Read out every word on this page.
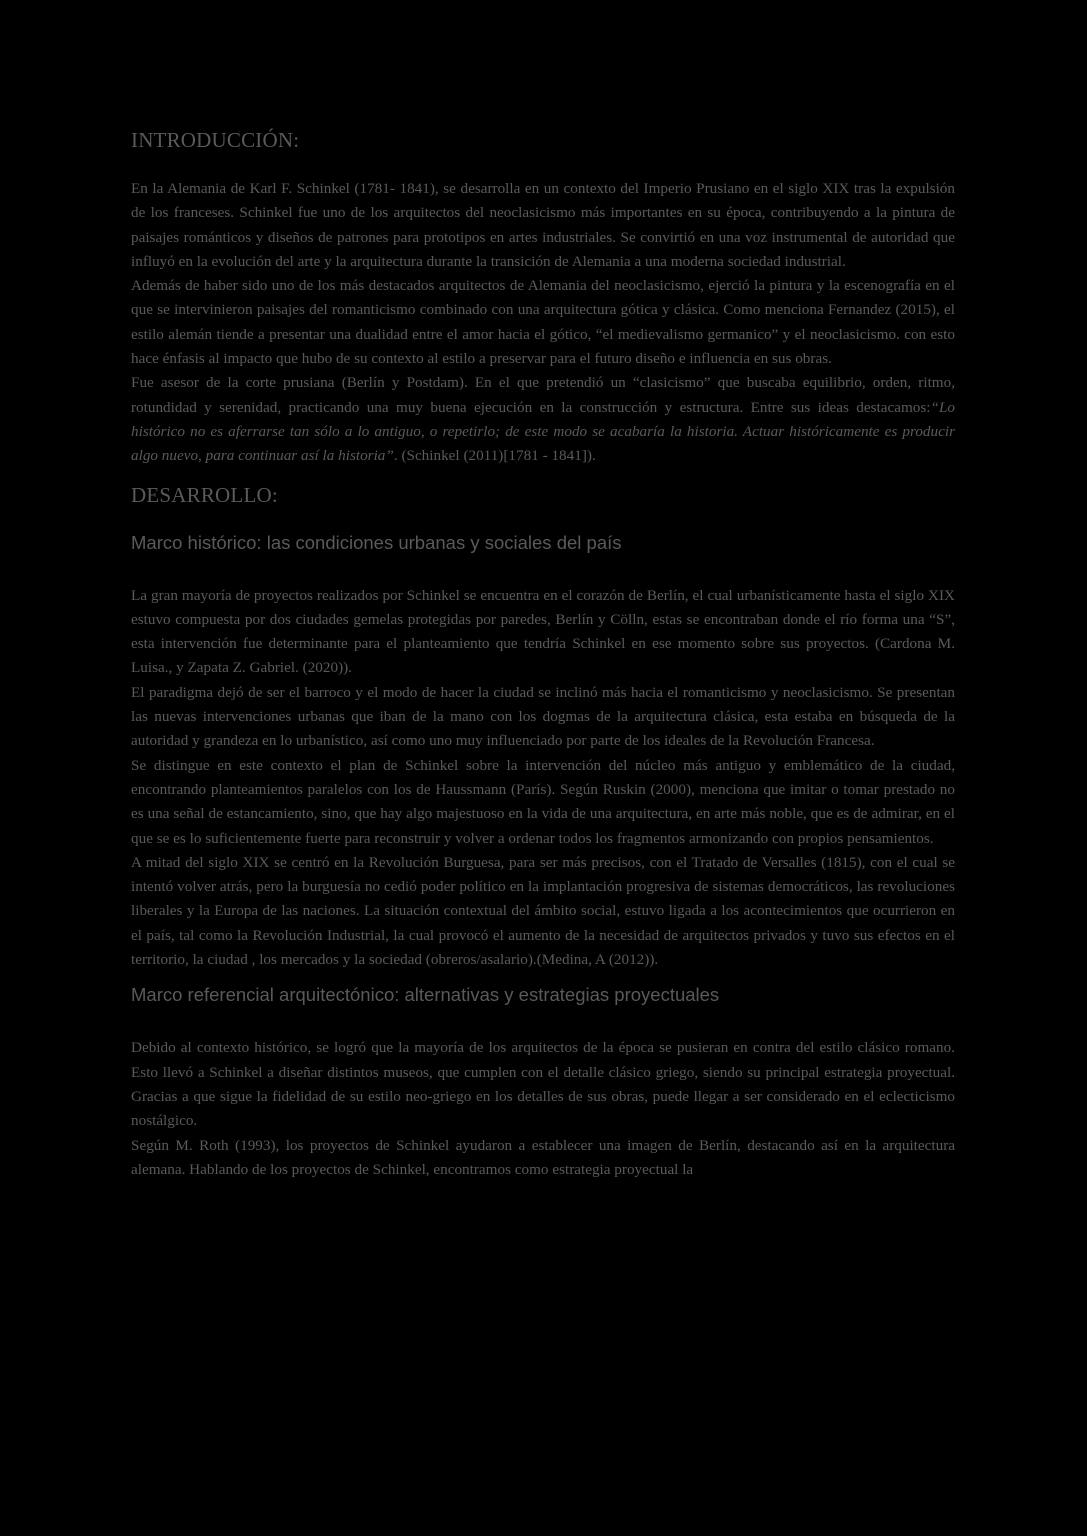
INTRODUCCIÓN:

En la Alemania de Karl F. Schinkel (1781- 1841), se desarrolla en un contexto del Imperio Prusiano en el siglo XIX tras la expulsión de los franceses. Schinkel fue uno de los arquitectos del neoclasicismo más importantes en su época, contribuyendo a la pintura de paisajes románticos y diseños de patrones para prototipos en artes industriales. Se convirtió en una voz instrumental de autoridad que influyó en la evolución del arte y la arquitectura durante la transición de Alemania a una moderna sociedad industrial.

Además de haber sido uno de los más destacados arquitectos de Alemania del neoclasicismo, ejerció la pintura y la escenografía en el que se intervinieron paisajes del romanticismo combinado con una arquitectura gótica y clásica. Como menciona Fernandez (2015), el estilo alemán tiende a presentar una dualidad entre el amor hacia el gótico, “el medievalismo germanico” y el neoclasicismo. con esto hace énfasis al impacto que hubo de su contexto al estilo a preservar para el futuro diseño e influencia en sus obras.

Fue asesor de la corte prusiana (Berlín y Postdam). En el que pretendió un “clasicismo” que buscaba equilibrio, orden, ritmo, rotundidad y serenidad, practicando una muy buena ejecución en la construcción y estructura. Entre sus ideas destacamos:“Lo histórico no es aferrarse tan sólo a lo antiguo, o repetirlo; de este modo se acabaría la historia. Actuar históricamente es producir algo nuevo, para continuar así la historia”. (Schinkel (2011)[1781 - 1841]).

DESARROLLO:
Marco histórico: las condiciones urbanas y sociales del país

La gran mayoría de proyectos realizados por Schinkel se encuentra en el corazón de Berlín, el cual urbanísticamente hasta el siglo XIX estuvo compuesta por dos ciudades gemelas protegidas por paredes, Berlín y Cölln, estas se encontraban donde el río forma una “S”, esta intervención fue determinante para el planteamiento que tendría Schinkel en ese momento sobre sus proyectos. (Cardona M. Luisa., y Zapata Z. Gabriel. (2020)).

El paradigma dejó de ser el barroco y el modo de hacer la ciudad se inclinó más hacia el romanticismo y neoclasicismo. Se presentan las nuevas intervenciones urbanas que iban de la mano con los dogmas de la arquitectura clásica, esta estaba en búsqueda de la autoridad y grandeza en lo urbanístico, así como uno muy influenciado por parte de los ideales de la Revolución Francesa.

Se distingue en este contexto el plan de Schinkel sobre la intervención del núcleo más antiguo y emblemático de la ciudad, encontrando planteamientos paralelos con los de Haussmann (París). Según Ruskin (2000), menciona que imitar o tomar prestado no es una señal de estancamiento, sino, que hay algo majestuoso en la vida de una arquitectura, en arte más noble, que es de admirar, en el que se es lo suficientemente fuerte para reconstruir y volver a ordenar todos los fragmentos armonizando con propios pensamientos.

A mitad del siglo XIX se centró en la Revolución Burguesa, para ser más precisos, con el Tratado de Versalles (1815), con el cual se intentó volver atrás, pero la burguesía no cedió poder político en la implantación progresiva de sistemas democráticos, las revoluciones liberales y la Europa de las naciones. La situación contextual del ámbito social, estuvo ligada a los acontecimientos que ocurrieron en el país, tal como la Revolución Industrial, la cual provocó el aumento de la necesidad de arquitectos privados y tuvo sus efectos en el territorio, la ciudad , los mercados y la sociedad (obreros/asalario).(Medina, A (2012)).

Marco referencial arquitectónico: alternativas y estrategias proyectuales

Debido al contexto histórico, se logró que la mayoría de los arquitectos de la época se pusieran en contra del estilo clásico romano. Esto llevó a Schinkel a diseñar distintos museos, que cumplen con el detalle clásico griego, siendo su principal estrategia proyectual. Gracias a que sigue la fidelidad de su estilo neo-griego en los detalles de sus obras, puede llegar a ser considerado en el eclecticismo nostálgico.

Según M. Roth (1993), los proyectos de Schinkel ayudaron a establecer una imagen de Berlín, destacando así en la arquitectura alemana. Hablando de los proyectos de Schinkel, encontramos como estrategia proyectual la
